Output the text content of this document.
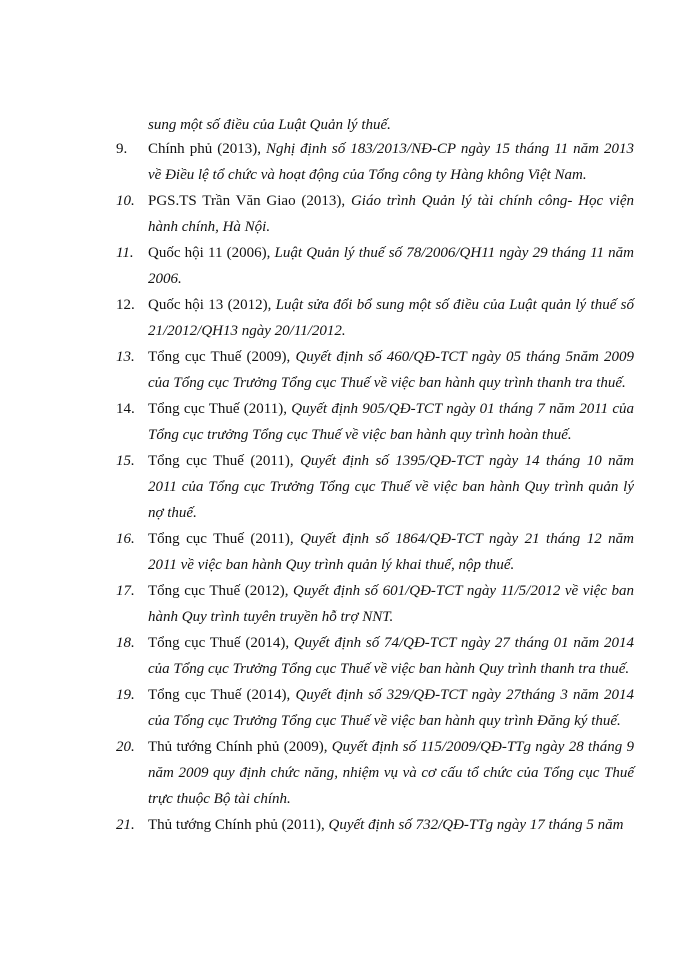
sung một số điều của Luật Quản lý thuế.
9.	Chính phủ (2013), Nghị định số 183/2013/NĐ-CP ngày 15 tháng 11 năm 2013 về Điều lệ tổ chức và hoạt động của Tổng công ty Hàng không Việt Nam.
10. PGS.TS Trần Văn Giao (2013), Giáo trình Quản lý tài chính công- Học viện hành chính, Hà Nội.
11. Quốc hội 11 (2006), Luật Quản lý thuế số 78/2006/QH11 ngày 29 tháng 11 năm 2006.
12. Quốc hội 13 (2012), Luật sửa đổi bổ sung một số điều của Luật quản lý thuế số 21/2012/QH13 ngày 20/11/2012.
13. Tổng cục Thuế (2009), Quyết định số 460/QĐ-TCT ngày 05 tháng 5năm 2009 của Tổng cục Trưởng Tổng cục Thuế về việc ban hành quy trình thanh tra thuế.
14. Tổng cục Thuế (2011), Quyết định 905/QĐ-TCT ngày 01 tháng 7 năm 2011 của Tổng cục trưởng Tổng cục Thuế về việc ban hành quy trình hoàn thuế.
15. Tổng cục Thuế (2011), Quyết định số 1395/QĐ-TCT ngày 14 tháng 10 năm 2011 của Tổng cục Trưởng Tổng cục Thuế về việc ban hành Quy trình quản lý nợ thuế.
16. Tổng cục Thuế (2011), Quyết định số 1864/QĐ-TCT ngày 21 tháng 12 năm 2011 về việc ban hành Quy trình quản lý khai thuế, nộp thuế.
17. Tổng cục Thuế (2012), Quyết định số 601/QĐ-TCT ngày 11/5/2012 về việc ban hành Quy trình tuyên truyền hỗ trợ NNT.
18. Tổng cục Thuế (2014), Quyết định số 74/QĐ-TCT ngày 27 tháng 01 năm 2014 của Tổng cục Trưởng Tổng cục Thuế về việc ban hành Quy trình thanh tra thuế.
19. Tổng cục Thuế (2014), Quyết định số 329/QĐ-TCT ngày 27tháng 3 năm 2014 của Tổng cục Trưởng Tổng cục Thuế về việc ban hành quy trình Đăng ký thuế.
20. Thủ tướng Chính phủ (2009), Quyết định số 115/2009/QĐ-TTg ngày 28 tháng 9 năm 2009 quy định chức năng, nhiệm vụ và cơ cấu tổ chức của Tổng cục Thuế trực thuộc Bộ tài chính.
21. Thủ tướng Chính phủ (2011), Quyết định số 732/QĐ-TTg ngày 17 tháng 5 năm
